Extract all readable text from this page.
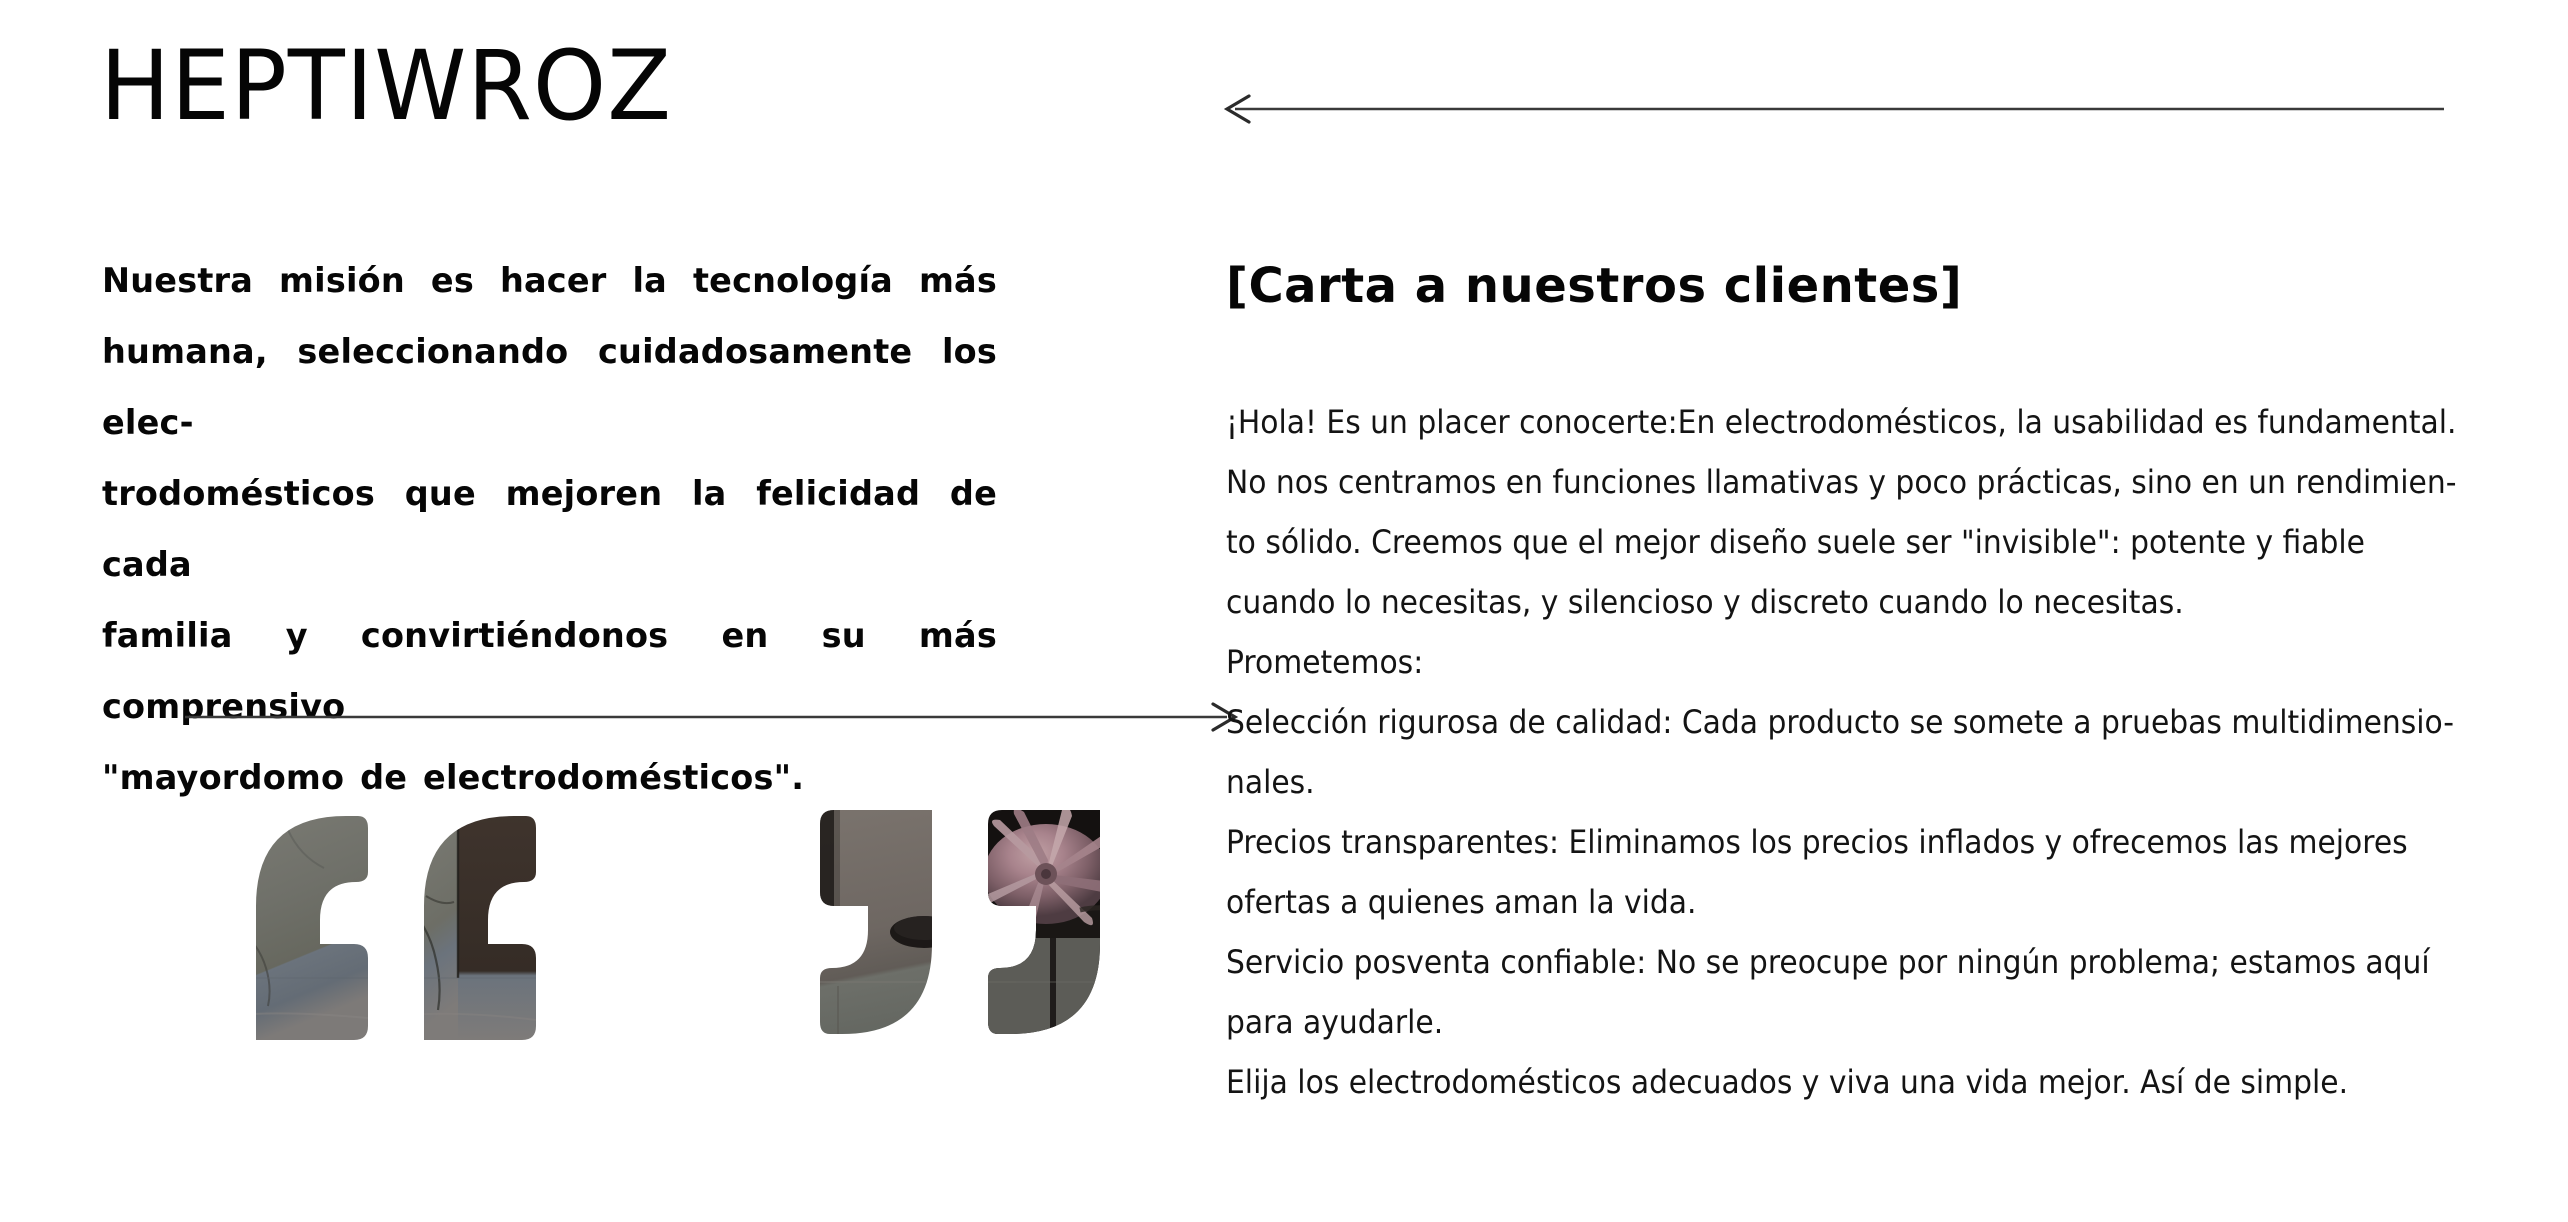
HEPTIWROZ
Nuestra misión es hacer la tecnología más
humana, seleccionando cuidadosamente los elec-
trodomésticos que mejoren la felicidad de cada
familia y convirtiéndonos en su más comprensivo
"mayordomo de electrodomésticos".
[Carta a nuestros clientes]

¡Hola! Es un placer conocerte:En electrodomésticos, la usabilidad es fundamental.

No nos centramos en funciones llamativas y poco prácticas, sino en un rendimien-

to sólido. Creemos que el mejor diseño suele ser "invisible": potente y fiable

cuando lo necesitas, y silencioso y discreto cuando lo necesitas.

Prometemos:

Selección rigurosa de calidad: Cada producto se somete a pruebas multidimensio-

nales.

Precios transparentes: Eliminamos los precios inflados y ofrecemos las mejores

ofertas a quienes aman la vida.

Servicio posventa confiable: No se preocupe por ningún problema; estamos aquí

para ayudarle.

Elija los electrodomésticos adecuados y viva una vida mejor. Así de simple.
